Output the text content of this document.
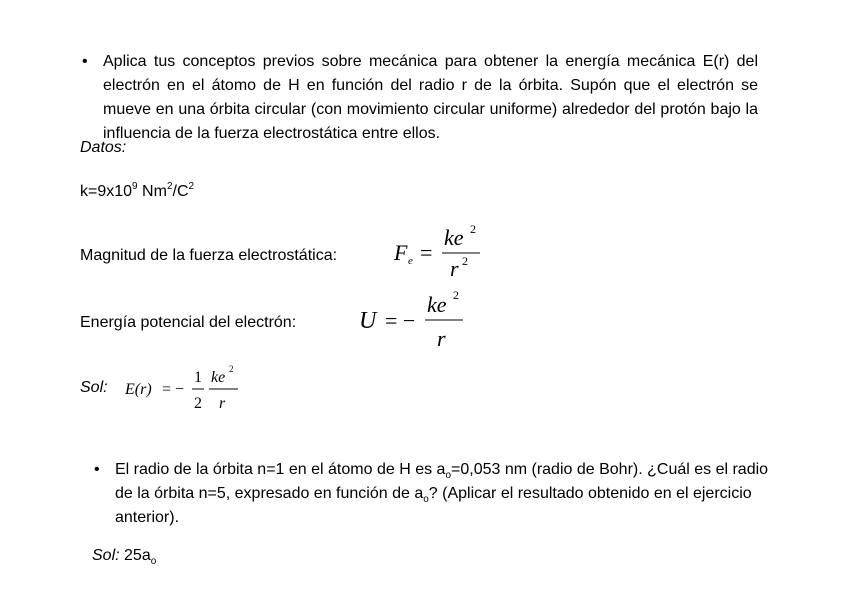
• Aplica tus conceptos previos sobre mecánica para obtener la energía mecánica E(r) del electrón en el átomo de H en función del radio r de la órbita. Supón que el electrón se mueve en una órbita circular (con movimiento circular uniforme) alrededor del protón bajo la influencia de la fuerza electrostática entre ellos.
Datos:
$k=9x10^9$ $Nm^2/C^2$
Magnitud de la fuerza electrostática:	F e =
ke 2
r 2
Energía potencial del electrón:	U = −
ke 2
r
Sol: E(r) = −
1
2
ke 2
r
• El radio de la órbita n=1 en el átomo de H es $a_o=0,053$ nm (radio de Bohr). ¿Cuál es el radio de la órbita n=5, expresado en función de $a_o$? (Aplicar el resultado obtenido en el ejercicio anterior).
Sol: $25a_o$
